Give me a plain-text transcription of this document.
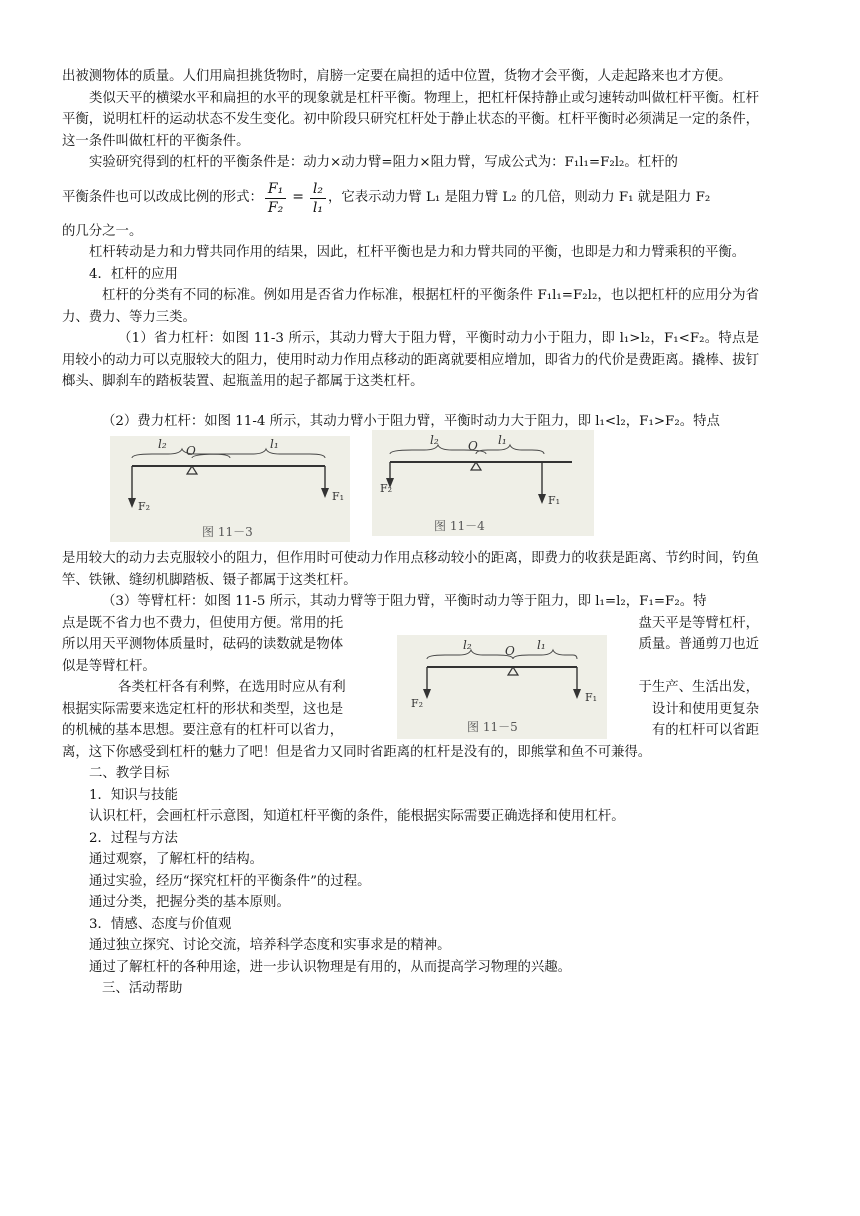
出被测物体的质量。人们用扁担挑货物时，肩膀一定要在扁担的适中位置，货物才会平衡，人走起路来也才方便。

类似天平的横梁水平和扁担的水平的现象就是杠杆平衡。物理上，把杠杆保持静止或匀速转动叫做杠杆平衡。杠杆平衡，说明杠杆的运动状态不发生变化。初中阶段只研究杠杆处于静止状态的平衡。杠杆平衡时必须满足一定的条件，这一条件叫做杠杆的平衡条件。

实验研究得到的杠杆的平衡条件是：动力×动力臂=阻力×阻力臂，写成公式为：F₁l₁=F₂l₂。杠杆的

平衡条件也可以改成比例的形式： $\frac{\text{F₁}}{\text{F₂}} = \frac{\text{l₂}}{\text{l₁}}$ ，它表示动力臂 L₁ 是阻力臂 L₂ 的几倍，则动力 F₁ 就是阻力 F₂

的几分之一。

杠杆转动是力和力臂共同作用的结果，因此，杠杆平衡也是力和力臂共同的平衡，也即是力和力臂乘积的平衡。

4．杠杆的应用

杠杆的分类有不同的标准。例如用是否省力作标准，根据杠杆的平衡条件 F₁l₁=F₂l₂，也以把杠杆的应用分为省力、费力、等力三类。

（1）省力杠杆：如图 11-3 所示，其动力臂大于阻力臂，平衡时动力小于阻力，即 l₁>l₂，F₁<F₂。特点是用较小的动力可以克服较大的阻力，使用时动力作用点移动的距离就要相应增加，即省力的代价是费距离。撬棒、拔钉榔头、脚刹车的踏板装置、起瓶盖用的起子都属于这类杠杆。

（2）费力杠杆：如图 11-4 所示，其动力臂小于阻力臂，平衡时动力大于阻力，即 l₁<l₂，F₁>F₂。特点

l₂ O	l₁
F₂
F₁
图 11－3
l₂ O l₁
F₂
F₁
图 11－4

是用较大的动力去克服较小的阻力，但作用时可使动力作用点移动较小的距离，即费力的收获是距离、节约时间，钓鱼竿、铁锹、缝纫机脚踏板、镊子都属于这类杠杆。

（3）等臂杠杆：如图 11-5 所示，其动力臂等于阻力臂，平衡时动力等于阻力，即 l₁=l₂，F₁=F₂。特

点是既不省力也不费力，但使用方便。常用的托	盘天平是等臂杠杆，
所以用天平测物体质量时，砝码的读数就是物体	质量。普通剪刀也近
似是等臂杠杆。
各类杠杆各有利弊，在选用时应从有利	于生产、生活出发，
根据实际需要来选定杠杆的形状和类型，这也是	设计和使用更复杂
的机械的基本思想。要注意有的杠杆可以省力，	有的杠杆可以省距
l₂	O l₁
F₂	F₁
图 11－5

离，这下你感受到杠杆的魅力了吧！但是省力又同时省距离的杠杆是没有的，即熊掌和鱼不可兼得。

二、教学目标

1．知识与技能

认识杠杆，会画杠杆示意图，知道杠杆平衡的条件，能根据实际需要正确选择和使用杠杆。

2．过程与方法

通过观察，了解杠杆的结构。

通过实验，经历“探究杠杆的平衡条件”的过程。

通过分类，把握分类的基本原则。

3．情感、态度与价值观

通过独立探究、讨论交流，培养科学态度和实事求是的精神。

通过了解杠杆的各种用途，进一步认识物理是有用的，从而提高学习物理的兴趣。

三、活动帮助
